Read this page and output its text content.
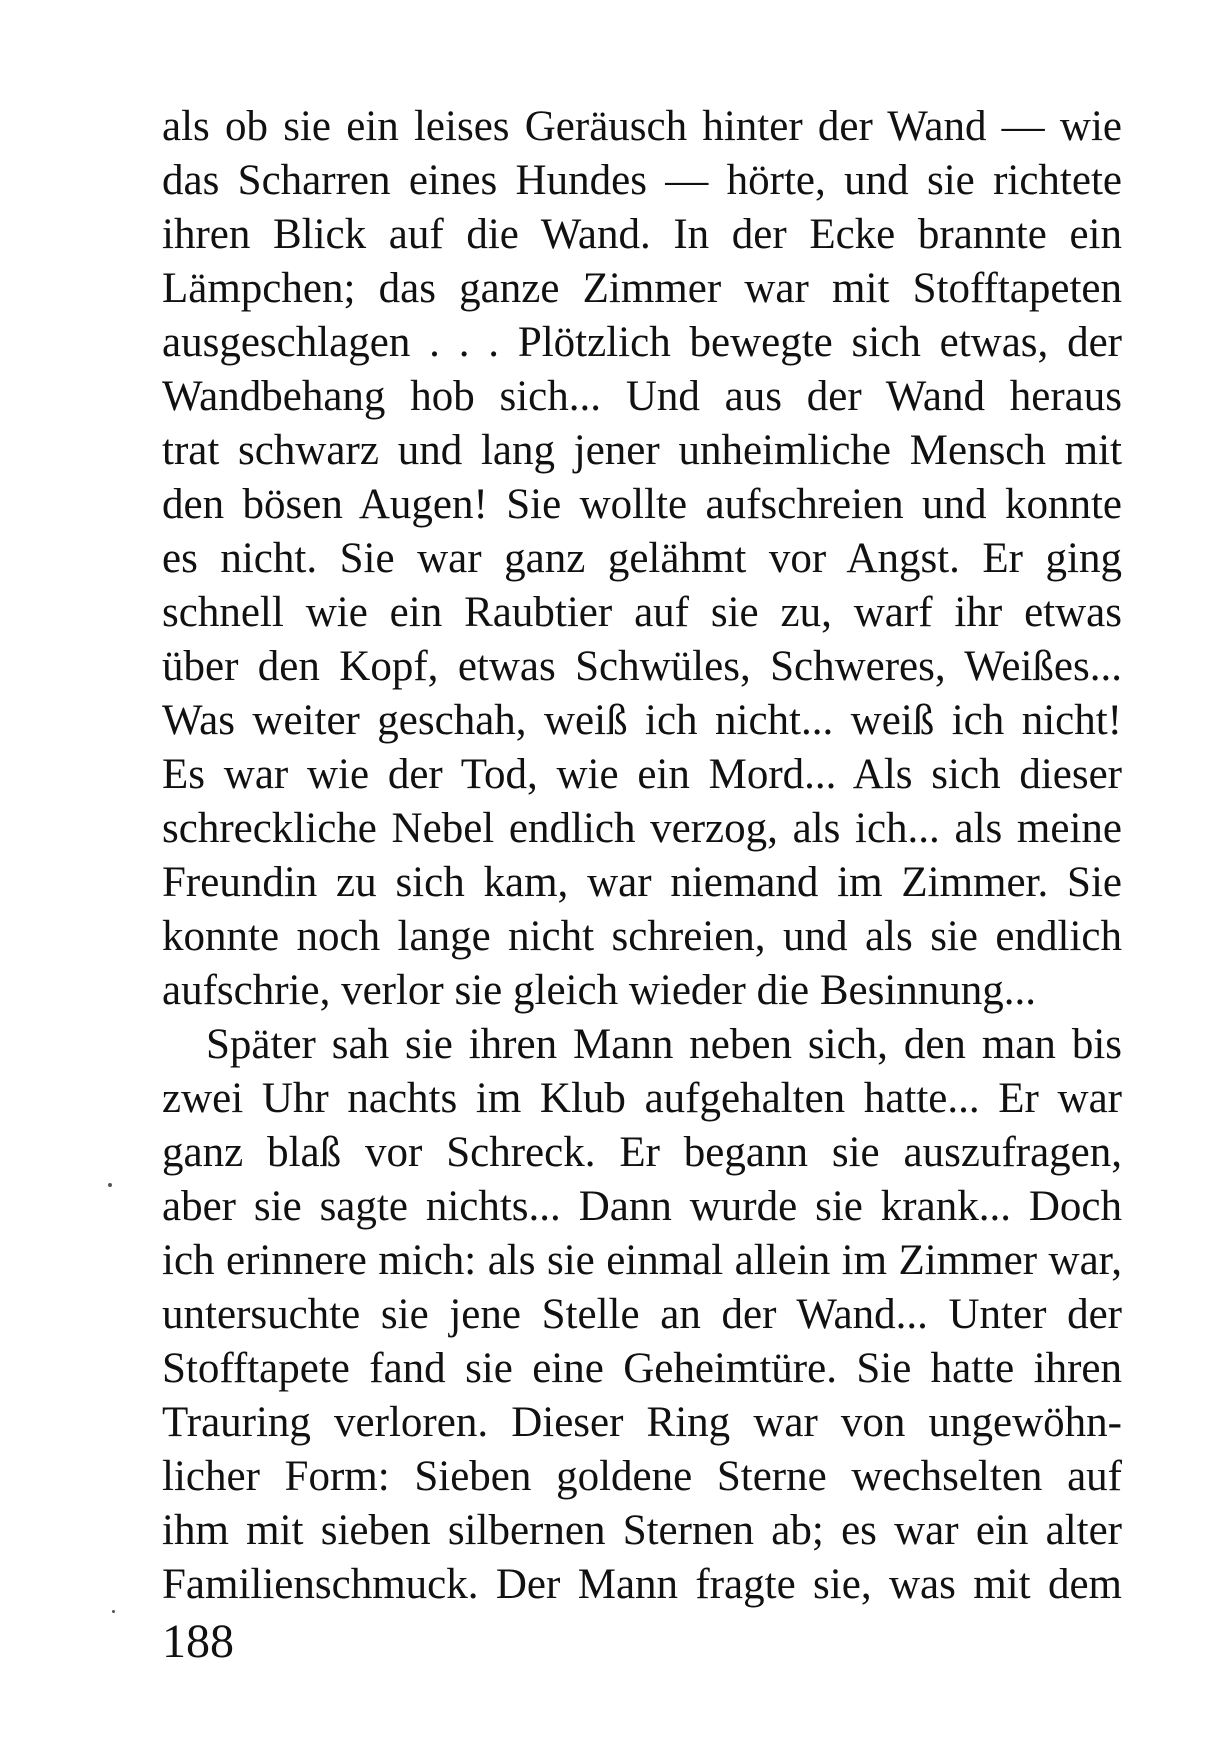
als ob sie ein leises Geräusch hinter der Wand — wie
das Scharren eines Hundes — hörte, und sie richtete
ihren Blick auf die Wand. In der Ecke brannte ein
Lämpchen; das ganze Zimmer war mit Stofftapeten
ausgeschlagen . . . Plötzlich bewegte sich etwas, der
Wandbehang hob sich... Und aus der Wand heraus
trat schwarz und lang jener unheimliche Mensch mit
den bösen Augen! Sie wollte aufschreien und konnte
es nicht. Sie war ganz gelähmt vor Angst. Er ging
schnell wie ein Raubtier auf sie zu, warf ihr etwas
über den Kopf, etwas Schwüles, Schweres, Weißes...
Was weiter geschah, weiß ich nicht... weiß ich nicht!
Es war wie der Tod, wie ein Mord... Als sich dieser
schreckliche Nebel endlich verzog, als ich... als meine
Freundin zu sich kam, war niemand im Zimmer. Sie
konnte noch lange nicht schreien, und als sie endlich
aufschrie, verlor sie gleich wieder die Besinnung...
Später sah sie ihren Mann neben sich, den man bis
zwei Uhr nachts im Klub aufgehalten hatte... Er war
ganz blaß vor Schreck. Er begann sie auszufragen,
aber sie sagte nichts... Dann wurde sie krank... Doch
ich erinnere mich: als sie einmal allein im Zimmer war,
untersuchte sie jene Stelle an der Wand... Unter der
Stofftapete fand sie eine Geheimtüre. Sie hatte ihren
Trauring verloren. Dieser Ring war von ungewöhn-
licher Form: Sieben goldene Sterne wechselten auf
ihm mit sieben silbernen Sternen ab; es war ein alter
Familienschmuck. Der Mann fragte sie, was mit dem
188
